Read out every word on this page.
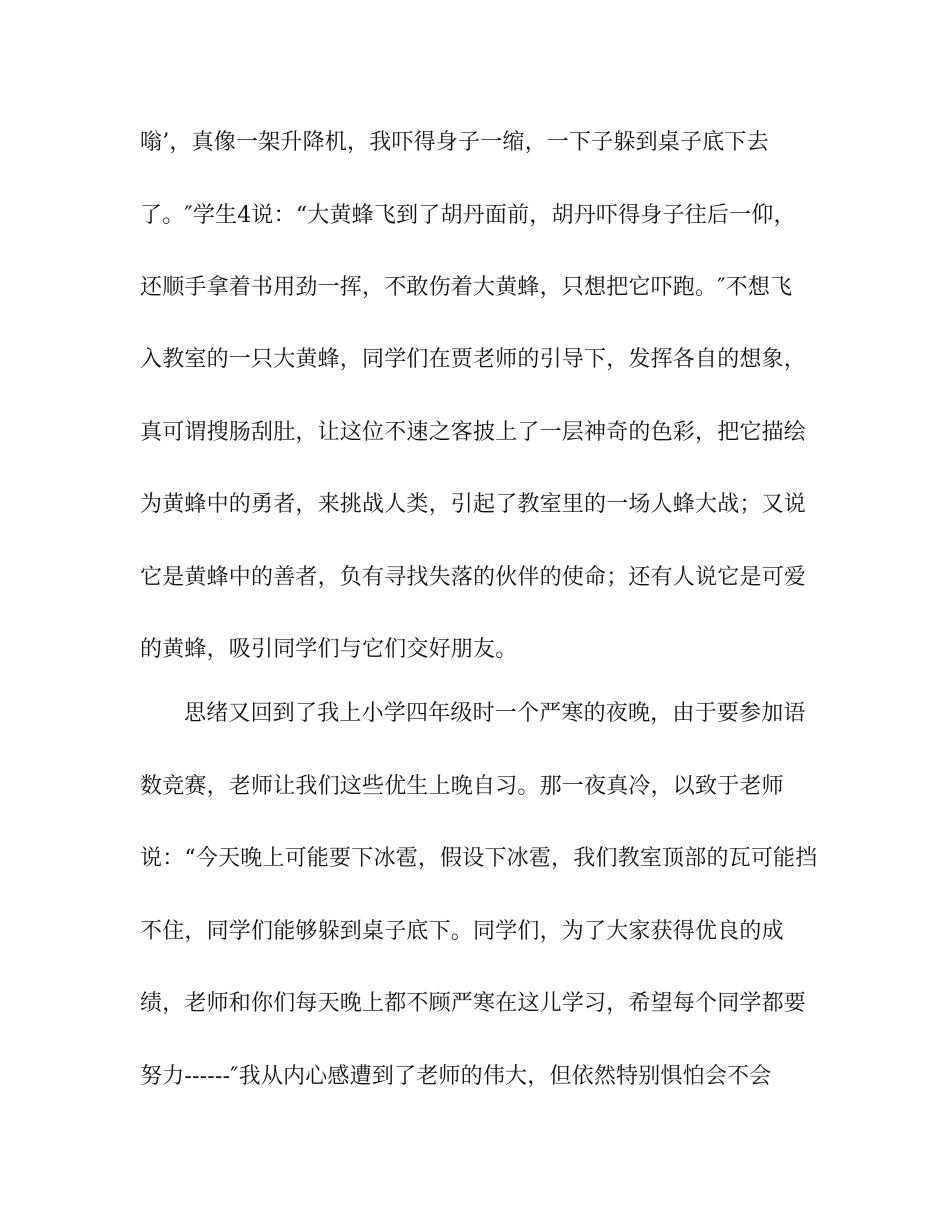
嗡’，真像一架升降机，我吓得身子一缩，一下子躲到桌子底下去
了。″学生4说：“大黄蜂飞到了胡丹面前，胡丹吓得身子往后一仰，
还顺手拿着书用劲一挥，不敢伤着大黄蜂，只想把它吓跑。″不想飞
入教室的一只大黄蜂，同学们在贾老师的引导下，发挥各自的想象，
真可谓搜肠刮肚，让这位不速之客披上了一层神奇的色彩，把它描绘
为黄蜂中的勇者，来挑战人类，引起了教室里的一场人蜂大战；又说
它是黄蜂中的善者，负有寻找失落的伙伴的使命；还有人说它是可爱
的黄蜂，吸引同学们与它们交好朋友。
思绪又回到了我上小学四年级时一个严寒的夜晚，由于要参加语
数竞赛，老师让我们这些优生上晚自习。那一夜真冷，以致于老师
说：“今天晚上可能要下冰雹，假设下冰雹，我们教室顶部的瓦可能挡
不住，同学们能够躲到桌子底下。同学们，为了大家获得优良的成
绩，老师和你们每天晚上都不顾严寒在这儿学习，希望每个同学都要
努力------″我从内心感遭到了老师的伟大，但依然特别惧怕会不会
